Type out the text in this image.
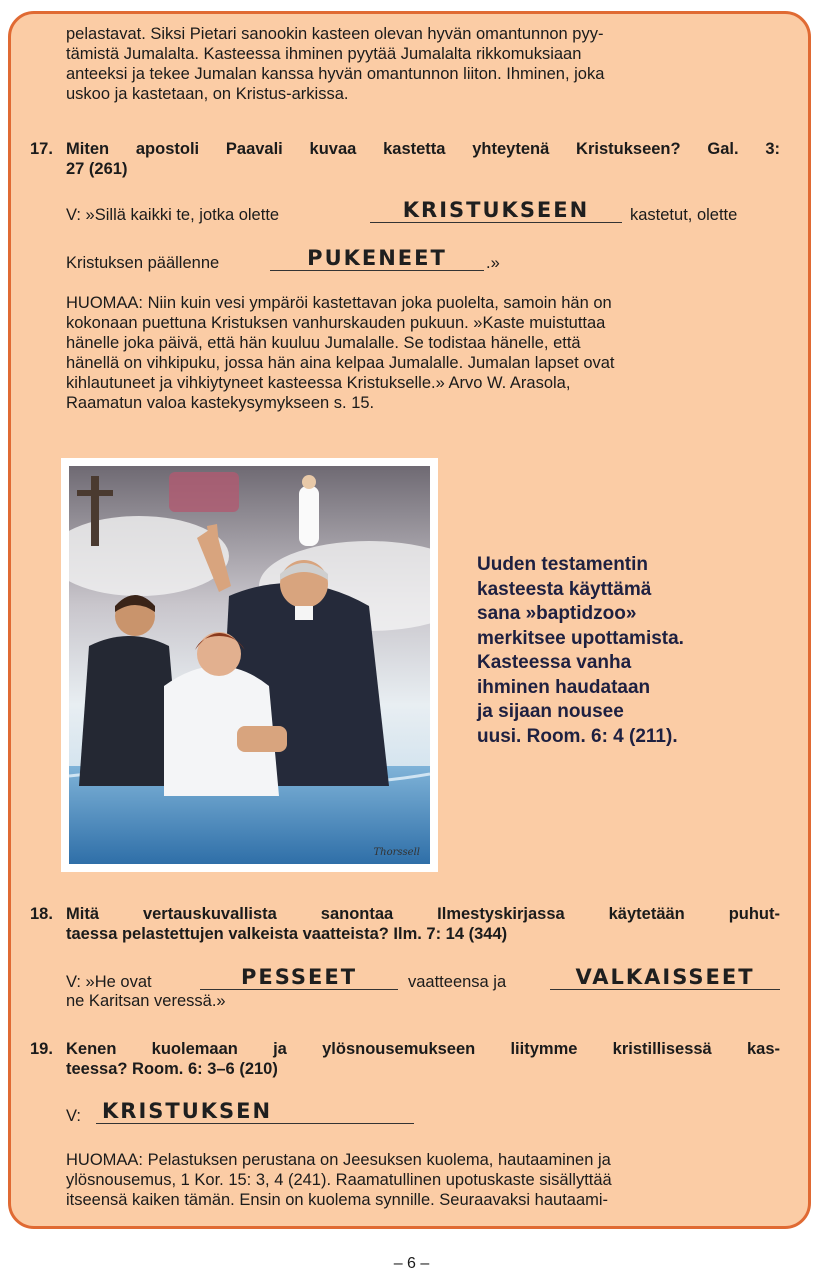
pelastavat. Siksi Pietari sanookin kasteen olevan hyvän omantunnon pyy-
tämistä Jumalalta. Kasteessa ihminen pyytää Jumalalta rikkomuksiaan
anteeksi ja tekee Jumalan kanssa hyvän omantunnon liiton. Ihminen, joka
uskoo ja kastetaan, on Kristus-arkissa.
17. Miten apostoli Paavali kuvaa kastetta yhteytenä Kristukseen? Gal. 3:
27 (261)
V: »Sillä kaikki te, jotka olette	KRISTUKSEEN	kastetut, olette
Kristuksen päällenne	PUKENEET	.»
HUOMAA: Niin kuin vesi ympäröi kastettavan joka puolelta, samoin hän on
kokonaan puettuna Kristuksen vanhurskauden pukuun. »Kaste muistuttaa
hänelle joka päivä, että hän kuuluu Jumalalle. Se todistaa hänelle, että
hänellä on vihkipuku, jossa hän aina kelpaa Jumalalle. Jumalan lapset ovat
kihlautuneet ja vihkiytyneet kasteessa Kristukselle.» Arvo W. Arasola,
Raamatun valoa kastekysymykseen s. 15.
Thorssell
Uuden testamentin
kasteesta käyttämä
sana »baptidzoo»
merkitsee upottamista.
Kasteessa vanha
ihminen haudataan
ja sijaan nousee
uusi. Room. 6: 4 (211).
18. Mitä vertauskuvallista sanontaa Ilmestyskirjassa käytetään puhut-
taessa pelastettujen valkeista vaatteista? Ilm. 7: 14 (344)
V: »He ovat	PESSEET	vaatteensa ja	VALKAISSEET
ne Karitsan veressä.»
19. Kenen kuolemaan ja ylösnousemukseen liitymme kristillisessä kas-
teessa? Room. 6: 3–6 (210)
V: KRISTUKSEN
HUOMAA: Pelastuksen perustana on Jeesuksen kuolema, hautaaminen ja
ylösnousemus, 1 Kor. 15: 3, 4 (241). Raamatullinen upotuskaste sisällyttää
itseensä kaiken tämän. Ensin on kuolema synnille. Seuraavaksi hautaami-
– 6 –
